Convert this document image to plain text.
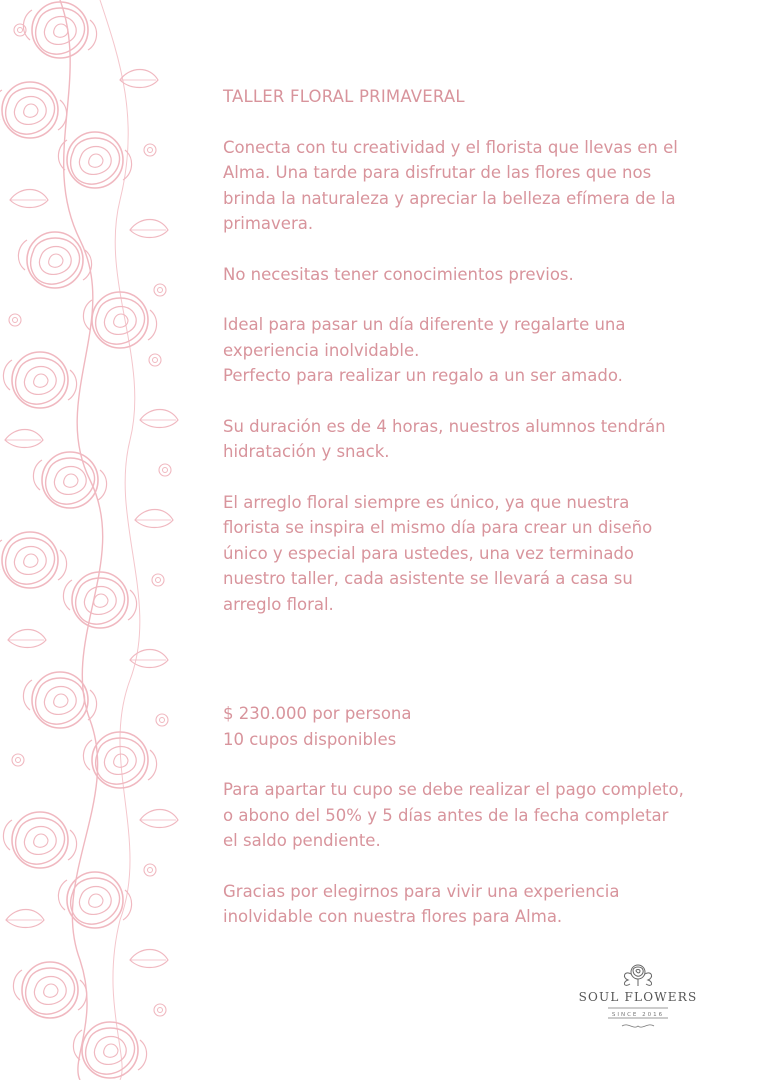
TALLER FLORAL PRIMAVERAL

Conecta con tu creatividad y el florista que llevas en el

Alma. Una tarde para disfrutar de las flores que nos

brinda la naturaleza y apreciar la belleza efímera de la

primavera.

No necesitas tener conocimientos previos.

Ideal para pasar un día diferente y regalarte una

experiencia inolvidable.

Perfecto para realizar un regalo a un ser amado.

Su duración es de 4 horas, nuestros alumnos tendrán

hidratación y snack.

El arreglo floral siempre es único, ya que nuestra

florista se inspira el mismo día para crear un diseño

único y especial para ustedes, una vez terminado

nuestro taller, cada asistente se llevará a casa su

arreglo floral.

$ 230.000 por persona

10 cupos disponibles

Para apartar tu cupo se debe realizar el pago completo,

o abono del 50% y 5 días antes de la fecha completar

el saldo pendiente.

Gracias por elegirnos para vivir una experiencia

inolvidable con nuestra flores para Alma.

SOUL FLOWERS
SINCE 2016
